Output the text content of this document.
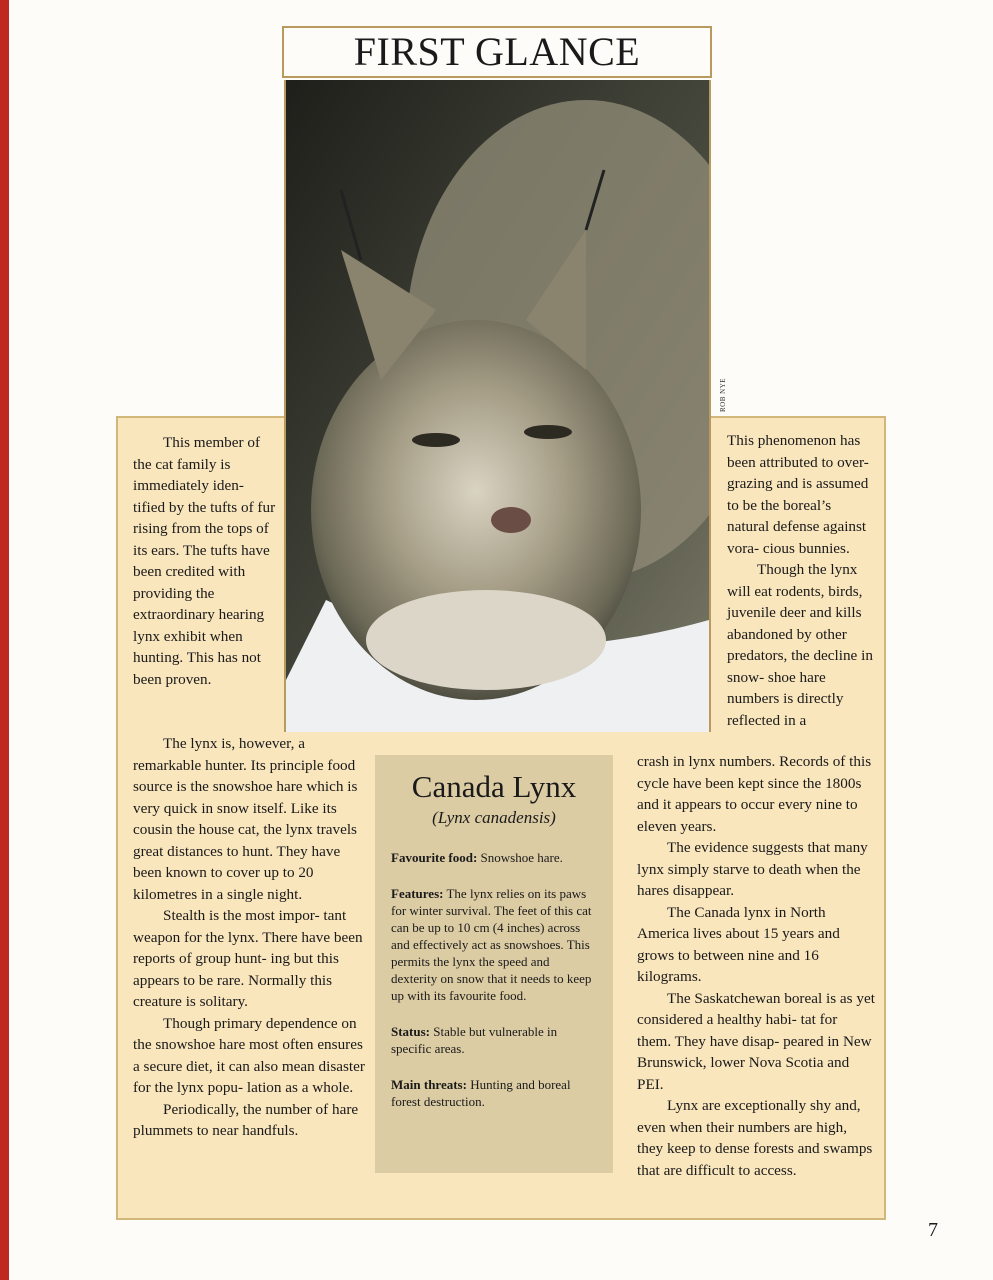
FIRST GLANCE
ROB NYE

This member of the cat family is immediately iden- tified by the tufts of fur rising from the tops of its ears. The tufts have been credited with providing the extraordinary hearing lynx exhibit when hunting. This has not been proven.

The lynx is, however, a remarkable hunter. Its principle food source is the snowshoe hare which is very quick in snow itself. Like its cousin the house cat, the lynx travels great distances to hunt. They have been known to cover up to 20 kilometres in a single night.

Stealth is the most impor- tant weapon for the lynx. There have been reports of group hunt- ing but this appears to be rare. Normally this creature is solitary.

Though primary dependence on the snowshoe hare most often ensures a secure diet, it can also mean disaster for the lynx popu- lation as a whole.

Periodically, the number of hare plummets to near handfuls.

This phenomenon has been attributed to over-grazing and is assumed to be the boreal’s natural defense against vora- cious bunnies.

Though the lynx will eat rodents, birds, juvenile deer and kills abandoned by other predators, the decline in snow- shoe hare numbers is directly reflected in a

crash in lynx numbers. Records of this cycle have been kept since the 1800s and it appears to occur every nine to eleven years.

The evidence suggests that many lynx simply starve to death when the hares disappear.

The Canada lynx in North America lives about 15 years and grows to between nine and 16 kilograms.

The Saskatchewan boreal is as yet considered a healthy habi- tat for them. They have disap- peared in New Brunswick, lower Nova Scotia and PEI.

Lynx are exceptionally shy and, even when their numbers are high, they keep to dense forests and swamps that are difficult to access.

Canada Lynx
(Lynx canadensis)

Favourite food: Snowshoe hare.

Features: The lynx relies on its paws for winter survival. The feet of this cat can be up to 10 cm (4 inches) across and effectively act as snowshoes. This permits the lynx the speed and dexterity on snow that it needs to keep up with its favourite food.

Status: Stable but vulnerable in specific areas.

Main threats: Hunting and boreal forest destruction.

7
